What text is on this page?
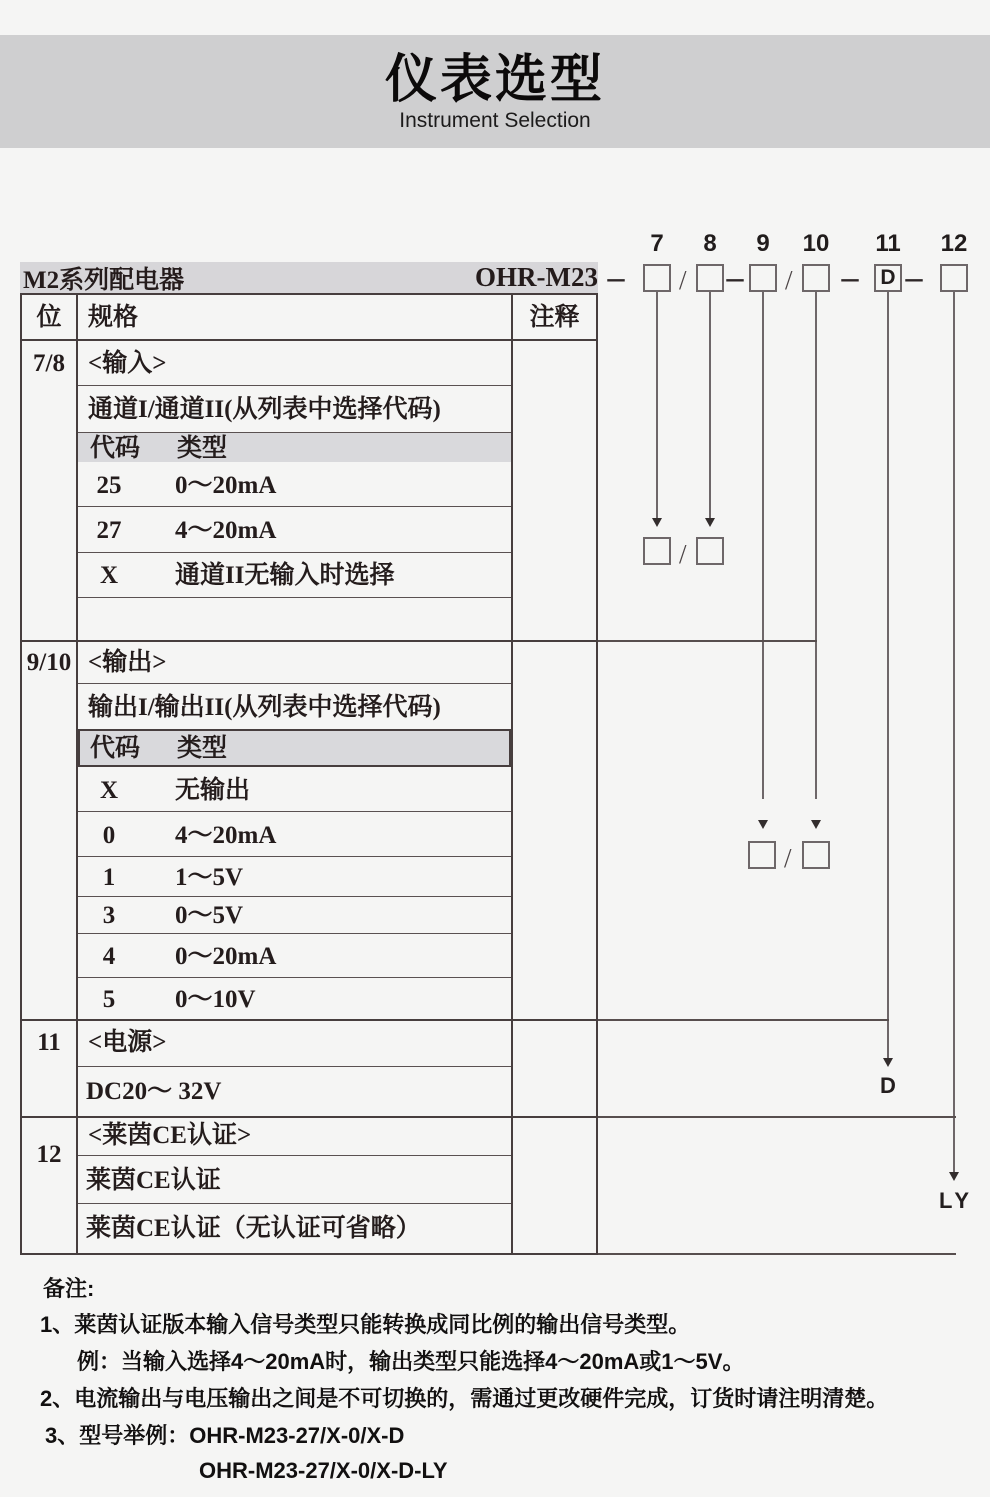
仪表选型
Instrument Selection
M2系列配电器	OHR-M23
位	规格	注释
7/8 <输入>
通道I/通道II(从列表中选择代码)
代码 类型
25	0～20mA
27	4～20mA
X	通道II无输入时选择
9/10 <输出>
输出I/输出II(从列表中选择代码)
代码 类型
X	无输出
0	4～20mA
1	1～5V
3	0～5V
4	0～20mA
5	0～10V
11	<电源>
DC20～ 32V
12
<莱茵CE认证>
莱茵CE认证
莱茵CE认证（无认证可省略）
7	8	9	10	11	12
– / – / –	D –
/
/
D
LY
备注:
1、莱茵认证版本输入信号类型只能转换成同比例的输出信号类型。
例：当输入选择4～20mA时，输出类型只能选择4～20mA或1～5V。
2、电流输出与电压输出之间是不可切换的，需通过更改硬件完成，订货时请注明清楚。
3、型号举例：OHR-M23-27/X-0/X-D
OHR-M23-27/X-0/X-D-LY
